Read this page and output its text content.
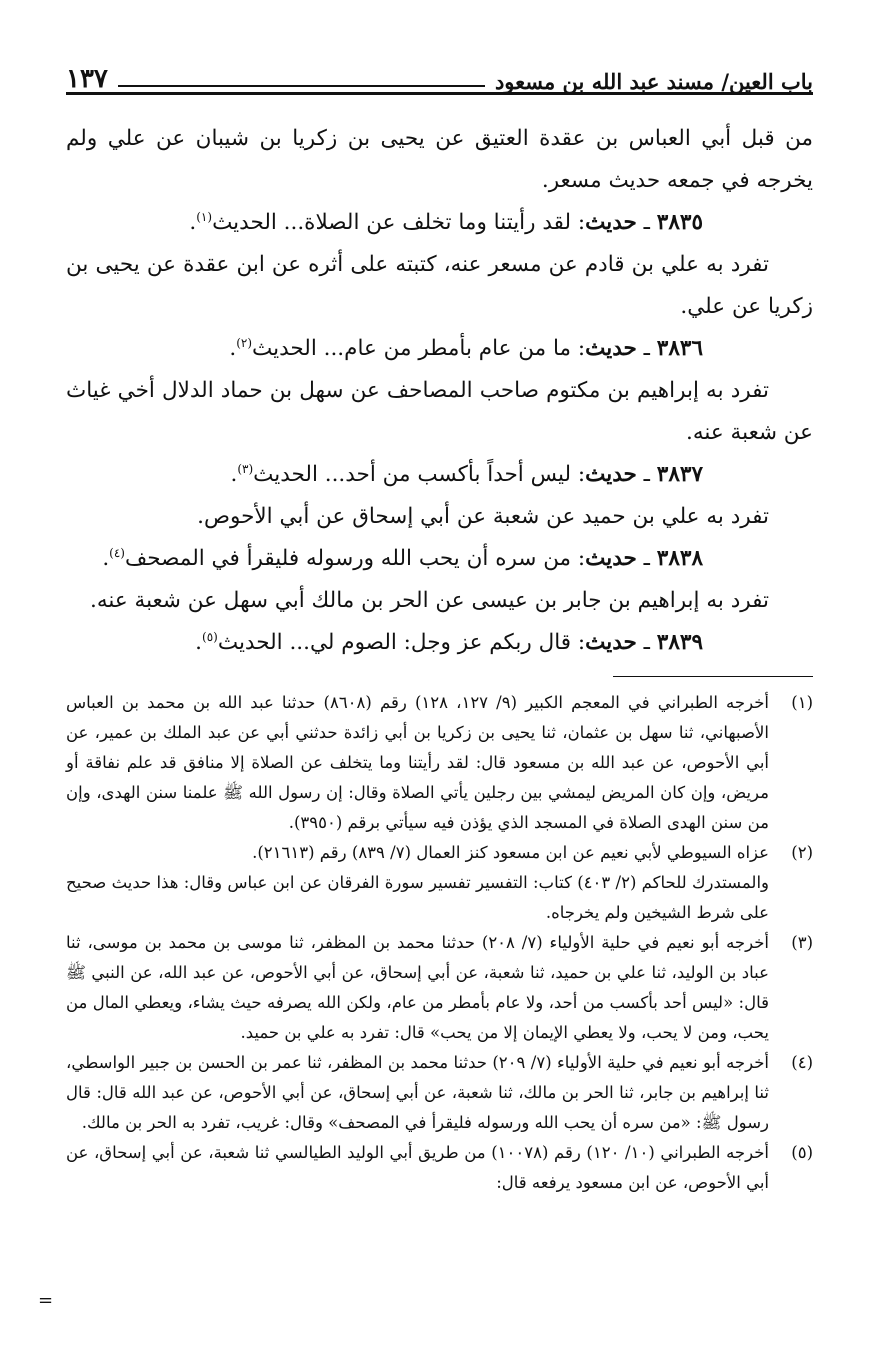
باب العين/ مسند عبد الله بن مسعود
١٣٧

من قبل أبي العباس بن عقدة العتيق عن يحيى بن زكريا بن شيبان عن علي ولم يخرجه في جمعه حديث مسعر.

٣٨٣٥ ـ حديث: لقد رأيتنا وما تخلف عن الصلاة... الحديث$^{(١)}$.

تفرد به علي بن قادم عن مسعر عنه، كتبته على أثره عن ابن عقدة عن يحيى بن زكريا عن علي.

٣٨٣٦ ـ حديث: ما من عام بأمطر من عام... الحديث$^{(٢)}$.

تفرد به إبراهيم بن مكتوم صاحب المصاحف عن سهل بن حماد الدلال أخي غياث عن شعبة عنه.

٣٨٣٧ ـ حديث: ليس أحداً بأكسب من أحد... الحديث$^{(٣)}$.

تفرد به علي بن حميد عن شعبة عن أبي إسحاق عن أبي الأحوص.

٣٨٣٨ ـ حديث: من سره أن يحب الله ورسوله فليقرأ في المصحف$^{(٤)}$.

تفرد به إبراهيم بن جابر بن عيسى عن الحر بن مالك أبي سهل عن شعبة عنه.

٣٨٣٩ ـ حديث: قال ربكم عز وجل: الصوم لي... الحديث$^{(٥)}$.

(١)
أخرجه الطبراني في المعجم الكبير (٩/ ١٢٧، ١٢٨) رقم (٨٦٠٨) حدثنا عبد الله بن محمد بن العباس الأصبهاني، ثنا سهل بن عثمان، ثنا يحيى بن زكريا بن أبي زائدة حدثني أبي عن عبد الملك بن عمير، عن أبي الأحوص، عن عبد الله بن مسعود قال: لقد رأيتنا وما يتخلف عن الصلاة إلا منافق قد علم نفاقة أو مريض، وإن كان المريض ليمشي بين رجلين يأتي الصلاة وقال: إن رسول الله ﷺ علمنا سنن الهدى، وإن من سنن الهدى الصلاة في المسجد الذي يؤذن فيه سيأتي برقم (٣٩٥٠).
(٢)
عزاه السيوطي لأبي نعيم عن ابن مسعود كنز العمال (٧/ ٨٣٩) رقم (٢١٦١٣).

والمستدرك للحاكم (٢/ ٤٠٣) كتاب: التفسير تفسير سورة الفرقان عن ابن عباس وقال: هذا حديث صحيح على شرط الشيخين ولم يخرجاه.

(٣)
أخرجه أبو نعيم في حلية الأولياء (٧/ ٢٠٨) حدثنا محمد بن المظفر، ثنا موسى بن محمد بن موسى، ثنا عباد بن الوليد، ثنا علي بن حميد، ثنا شعبة، عن أبي إسحاق، عن أبي الأحوص، عن عبد الله، عن النبي ﷺ قال: «ليس أحد بأكسب من أحد، ولا عام بأمطر من عام، ولكن الله يصرفه حيث يشاء، ويعطي المال من يحب، ومن لا يحب، ولا يعطي الإيمان إلا من يحب» قال: تفرد به علي بن حميد.
(٤)
أخرجه أبو نعيم في حلية الأولياء (٧/ ٢٠٩) حدثنا محمد بن المظفر، ثنا عمر بن الحسن بن جبير الواسطي، ثنا إبراهيم بن جابر، ثنا الحر بن مالك، ثنا شعبة، عن أبي إسحاق، عن أبي الأحوص، عن عبد الله قال: قال رسول ﷺ: «من سره أن يحب الله ورسوله فليقرأ في المصحف» وقال: غريب، تفرد به الحر بن مالك.
(٥)
أخرجه الطبراني (١٠/ ١٢٠) رقم (١٠٠٧٨) من طريق أبي الوليد الطيالسي ثنا شعبة، عن أبي إسحاق، عن أبي الأحوص، عن ابن مسعود يرفعه قال:
=
